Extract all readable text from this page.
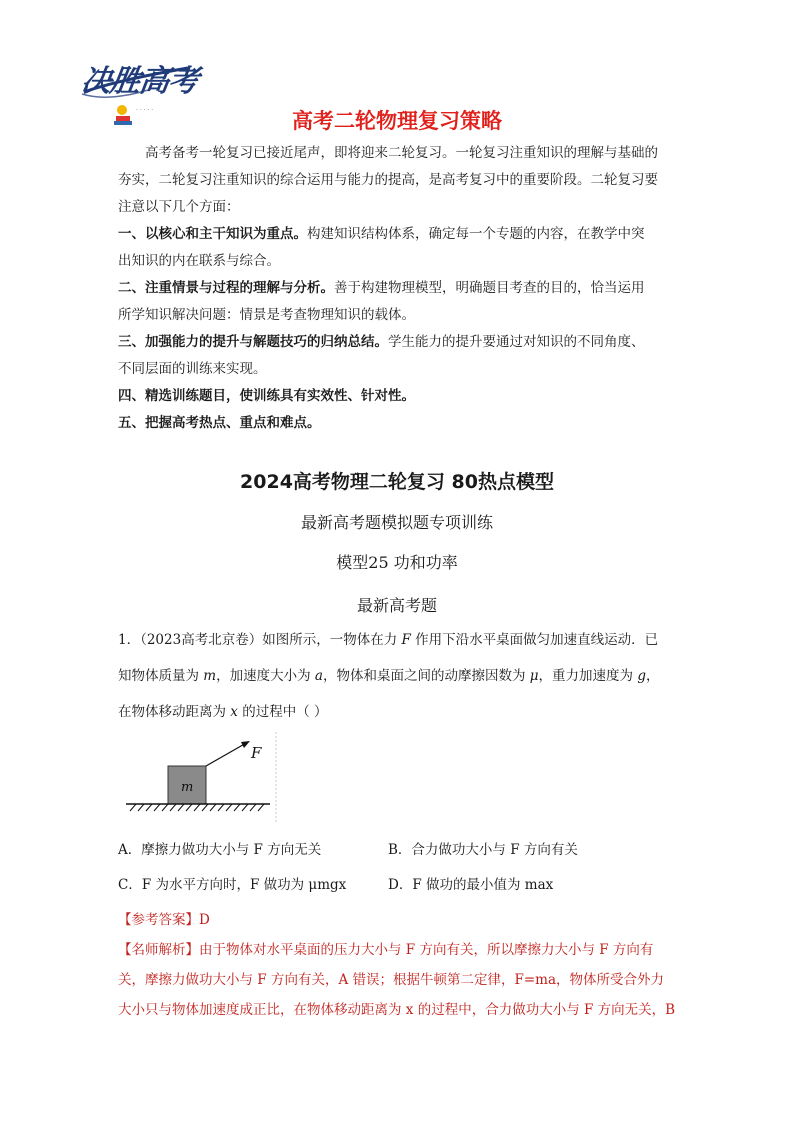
· · · · ·
决胜高考
高考二轮物理复习策略
高考备考一轮复习已接近尾声，即将迎来二轮复习。一轮复习注重知识的理解与基础的
夯实，二轮复习注重知识的综合运用与能力的提高，是高考复习中的重要阶段。二轮复习要
注意以下几个方面：
一、以核心和主干知识为重点。构建知识结构体系，确定每一个专题的内容，在教学中突
出知识的内在联系与综合。
二、注重情景与过程的理解与分析。善于构建物理模型，明确题目考查的目的，恰当运用
所学知识解决问题：情景是考查物理知识的载体。
三、加强能力的提升与解题技巧的归纳总结。学生能力的提升要通过对知识的不同角度、
不同层面的训练来实现。
四、精选训练题目，使训练具有实效性、针对性。
五、把握高考热点、重点和难点。
2024高考物理二轮复习 80热点模型
最新高考题模拟题专项训练
模型25 功和功率
最新高考题
1．（2023高考北京卷）如图所示，一物体在力 F 作用下沿水平桌面做匀加速直线运动．已
知物体质量为 m，加速度大小为 a，物体和桌面之间的动摩擦因数为 μ，重力加速度为 g，
在物体移动距离为 x 的过程中（ ）
m
F
A．摩擦力做功大小与 F 方向无关	B．合力做功大小与 F 方向有关
C．F 为水平方向时，F 做功为 μmgx	D．F 做功的最小值为 max
【参考答案】D
【名师解析】由于物体对水平桌面的压力大小与 F 方向有关，所以摩擦力大小与 F 方向有
关，摩擦力做功大小与 F 方向有关，A 错误；根据牛顿第二定律，F=ma，物体所受合外力
大小只与物体加速度成正比，在物体移动距离为 x 的过程中，合力做功大小与 F 方向无关，B
